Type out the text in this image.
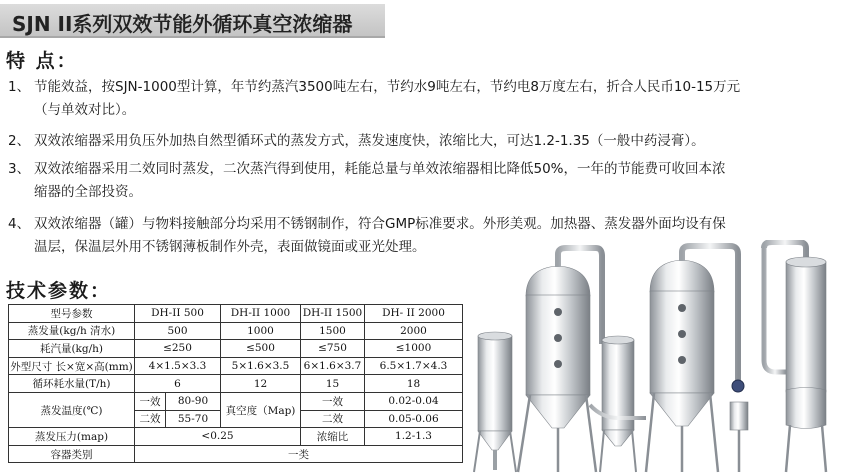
SJN II系列双效节能外循环真空浓缩器
特 点：
1、 节能效益，按SJN-1000型计算，年节约蒸汽3500吨左右，节约水9吨左右，节约电8万度左右，折合人民币10-15万元
（与单效对比）。
2、 双效浓缩器采用负压外加热自然型循环式的蒸发方式，蒸发速度快，浓缩比大，可达1.2-1.35（一般中药浸膏）。
3、 双效浓缩器采用二效同时蒸发，二次蒸汽得到使用，耗能总量与单效浓缩器相比降低50%，一年的节能费可收回本浓
缩器的全部投资。
4、 双效浓缩器（罐）与物料接触部分均采用不锈钢制作，符合GMP标准要求。外形美观。加热器、蒸发器外面均设有保
温层，保温层外用不锈钢薄板制作外壳，表面做镜面或亚光处理。
技术参数：
型号参数	DH-II 500		DH-II 1000	DH-II 1500	DH- II 2000
蒸发量(kg/h 清水)	500		1000	1500	2000
耗汽量(kg/h)	≤250		≤500	≤750	≤1000
外型尺寸 长×宽×高(mm)	4×1.5×3.3		5×1.6×3.5	6×1.6×3.7	6.5×1.7×4.3
循环耗水量(T/h)	6		12	15	18
蒸发温度(℃)	一效	80-90	真空度（Map)	一效	0.02-0.04
	二效	55-70		二效	0.05-0.06
蒸发压力(map)	<0.25			浓缩比	1.2-1.3
容器类别	一类				
